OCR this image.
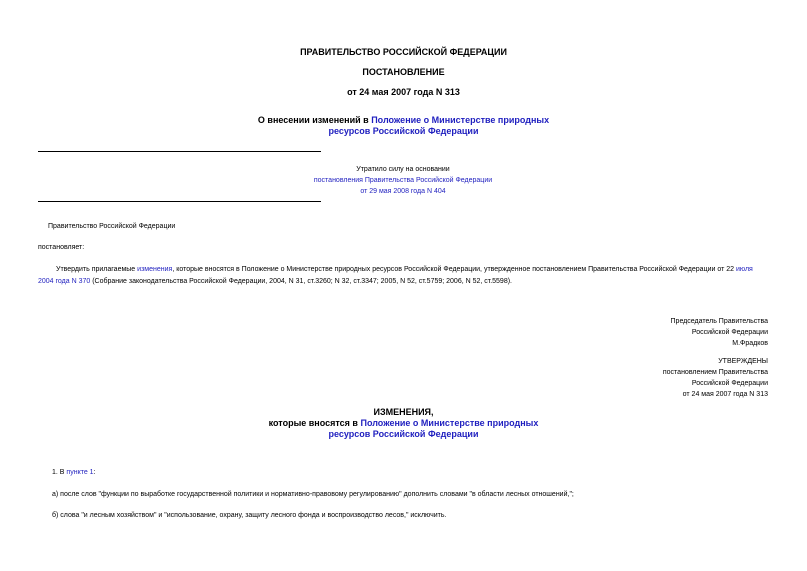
ПРАВИТЕЛЬСТВО РОССИЙСКОЙ ФЕДЕРАЦИИ
ПОСТАНОВЛЕНИЕ
от 24 мая 2007 года N 313
О внесении изменений в Положение о Министерстве природных
ресурсов Российской Федерации
Утратило силу на основании
постановления Правительства Российской Федерации
от 29 мая 2008 года N 404
Правительство Российской Федерации
постановляет:
Утвердить прилагаемые изменения, которые вносятся в Положение о Министерстве природных ресурсов Российской Федерации, утвержденное постановлением Правительства Российской Федерации от 22 июля 2004 года N 370 (Собрание законодательства Российской Федерации, 2004, N 31, ст.3260; N 32, ст.3347; 2005, N 52, ст.5759; 2006, N 52, ст.5598).
Председатель Правительства
Российской Федерации
М.Фрадков
УТВЕРЖДЕНЫ
постановлением Правительства
Российской Федерации
от 24 мая 2007 года N 313
ИЗМЕНЕНИЯ,
которые вносятся в Положение о Министерстве природных
ресурсов Российской Федерации
1. В пункте 1:
а) после слов "функции по выработке государственной политики и нормативно-правовому регулированию" дополнить словами "в области лесных отношений,";
б) слова "и лесным хозяйством" и "использование, охрану, защиту лесного фонда и воспроизводство лесов," исключить.
